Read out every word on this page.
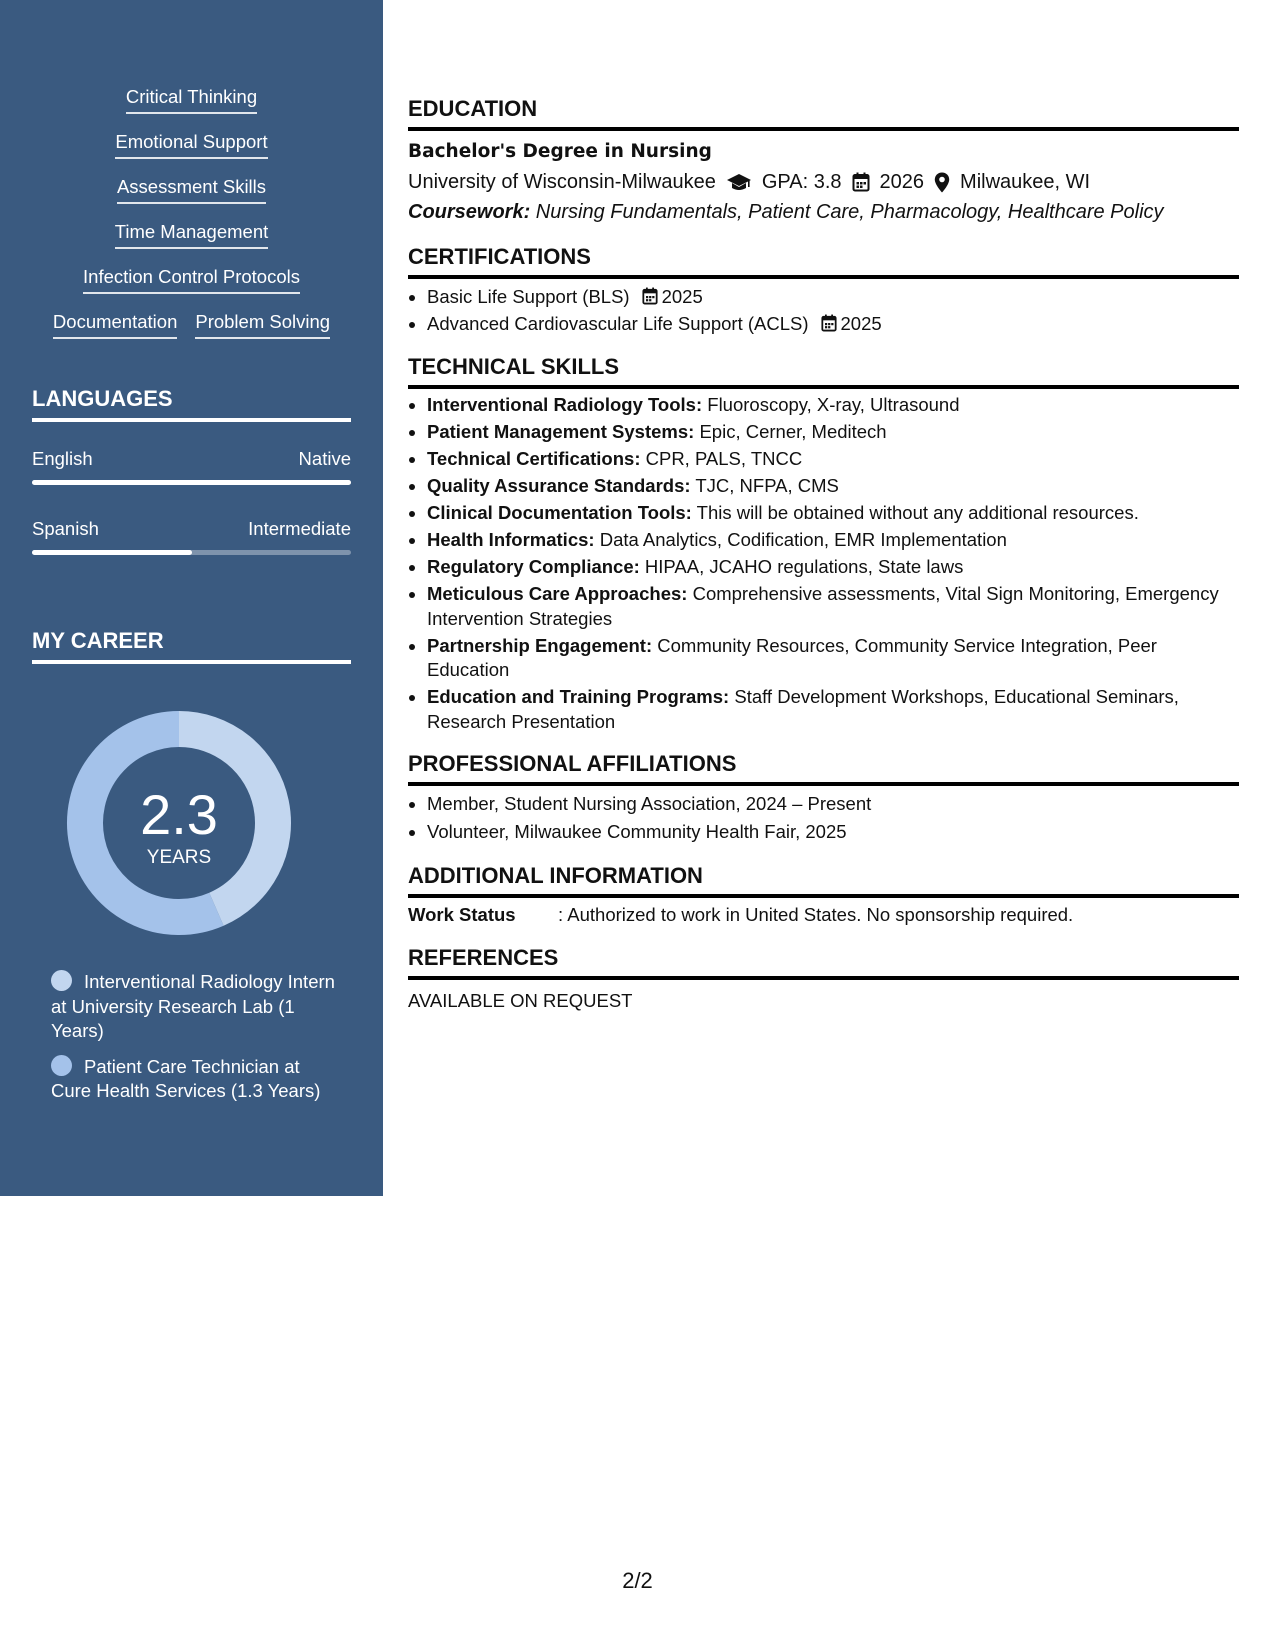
Critical Thinking
Emotional Support
Assessment Skills
Time Management
Infection Control Protocols
Documentation Problem Solving
LANGUAGES
English	Native
Spanish	Intermediate
MY CAREER
2.3
YEARS
Interventional Radiology Intern at University Research Lab (1 Years)
Patient Care Technician at Cure Health Services (1.3 Years)
EDUCATION
Bachelor's Degree in Nursing
University of Wisconsin-Milwaukee GPA: 3.8 2026 Milwaukee, WI
Coursework: Nursing Fundamentals, Patient Care, Pharmacology, Healthcare Policy
CERTIFICATIONS
• Basic Life Support (BLS) 2025
• Advanced Cardiovascular Life Support (ACLS) 2025
TECHNICAL SKILLS
• Interventional Radiology Tools: Fluoroscopy, X-ray, Ultrasound
• Patient Management Systems: Epic, Cerner, Meditech
• Technical Certifications: CPR, PALS, TNCC
• Quality Assurance Standards: TJC, NFPA, CMS
• Clinical Documentation Tools: This will be obtained without any additional resources.
• Health Informatics: Data Analytics, Codification, EMR Implementation
• Regulatory Compliance: HIPAA, JCAHO regulations, State laws
• Meticulous Care Approaches: Comprehensive assessments, Vital Sign Monitoring, Emergency Intervention Strategies
• Partnership Engagement: Community Resources, Community Service Integration, Peer Education
• Education and Training Programs: Staff Development Workshops, Educational Seminars, Research Presentation
PROFESSIONAL AFFILIATIONS
• Member, Student Nursing Association, 2024 – Present
• Volunteer, Milwaukee Community Health Fair, 2025
ADDITIONAL INFORMATION
Work Status	: Authorized to work in United States. No sponsorship required.
REFERENCES
AVAILABLE ON REQUEST
2/2
